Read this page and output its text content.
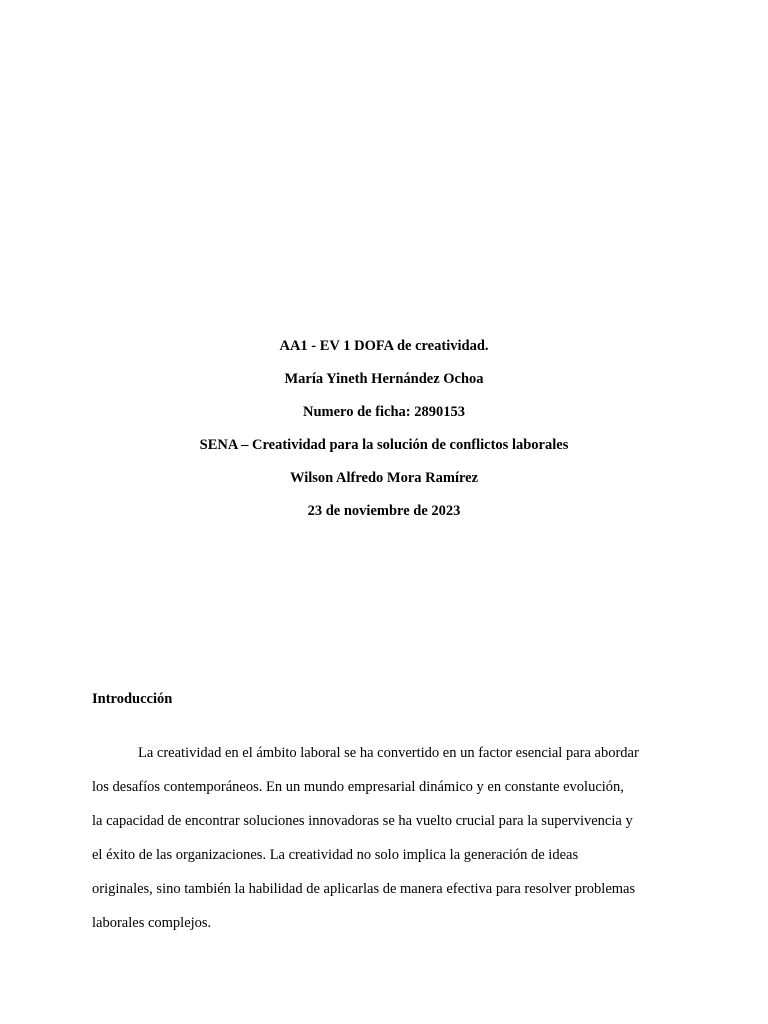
AA1 - EV 1 DOFA de creatividad.
María Yineth Hernández Ochoa
Numero de ficha: 2890153
SENA – Creatividad para la solución de conflictos laborales
Wilson Alfredo Mora Ramírez
23 de noviembre de 2023
Introducción
La creatividad en el ámbito laboral se ha convertido en un factor esencial para abordar
los desafíos contemporáneos. En un mundo empresarial dinámico y en constante evolución,
la capacidad de encontrar soluciones innovadoras se ha vuelto crucial para la supervivencia y
el éxito de las organizaciones. La creatividad no solo implica la generación de ideas
originales, sino también la habilidad de aplicarlas de manera efectiva para resolver problemas
laborales complejos.
